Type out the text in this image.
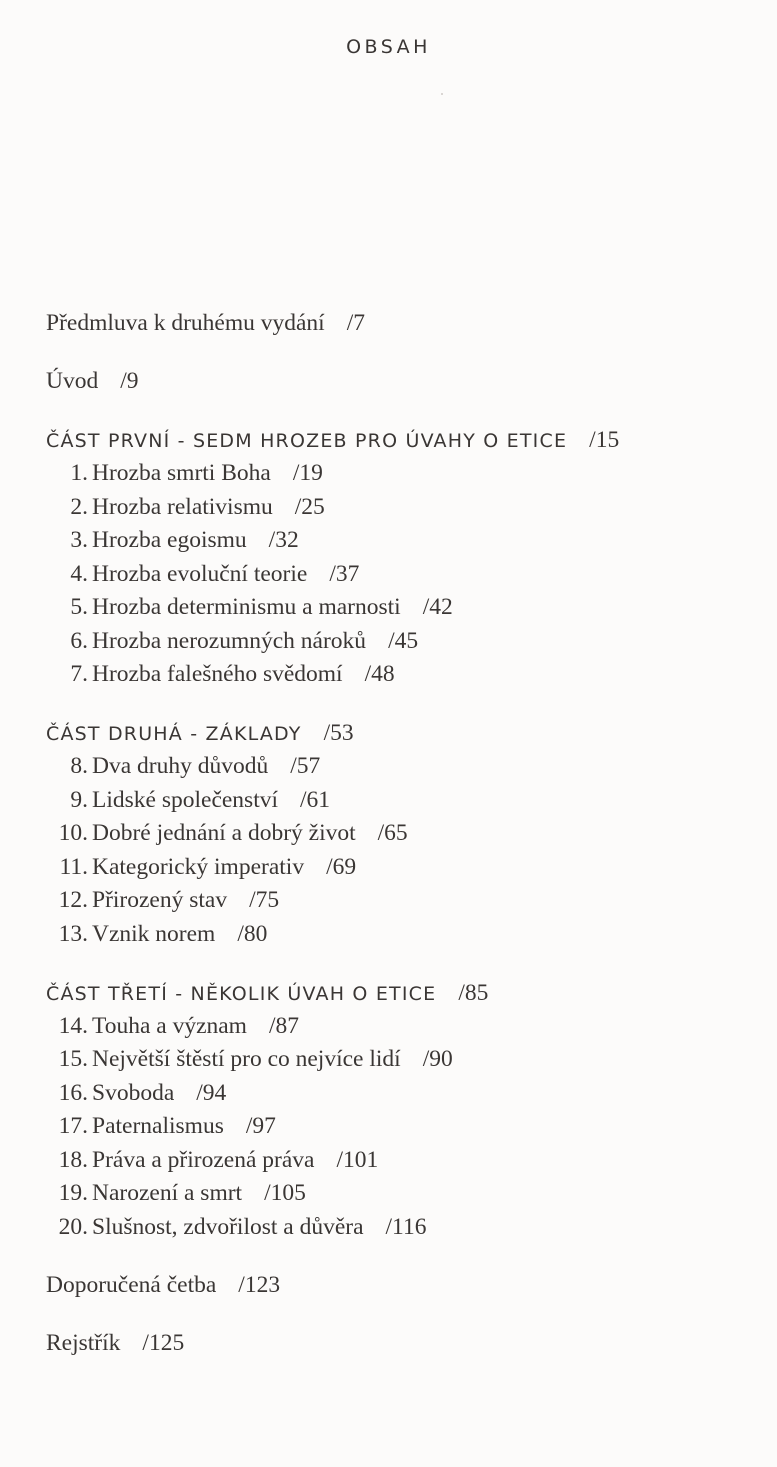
OBSAH
Předmluva k druhému vydání /7
Úvod /9
ČÁST PRVNÍ - SEDM HROZEB PRO ÚVAHY O ETICE /15
1. Hrozba smrti Boha /19
2. Hrozba relativismu /25
3. Hrozba egoismu /32
4. Hrozba evoluční teorie /37
5. Hrozba determinismu a marnosti /42
6. Hrozba nerozumných nároků /45
7. Hrozba falešného svědomí /48
ČÁST DRUHÁ - ZÁKLADY /53
8. Dva druhy důvodů /57
9. Lidské společenství /61
10. Dobré jednání a dobrý život /65
11. Kategorický imperativ /69
12. Přirozený stav /75
13. Vznik norem /80
ČÁST TŘETÍ - NĚKOLIK ÚVAH O ETICE /85
14. Touha a význam /87
15. Největší štěstí pro co nejvíce lidí /90
16. Svoboda /94
17. Paternalismus /97
18. Práva a přirozená práva /101
19. Narození a smrt /105
20. Slušnost, zdvořilost a důvěra /116
Doporučená četba /123
Rejstřík /125
